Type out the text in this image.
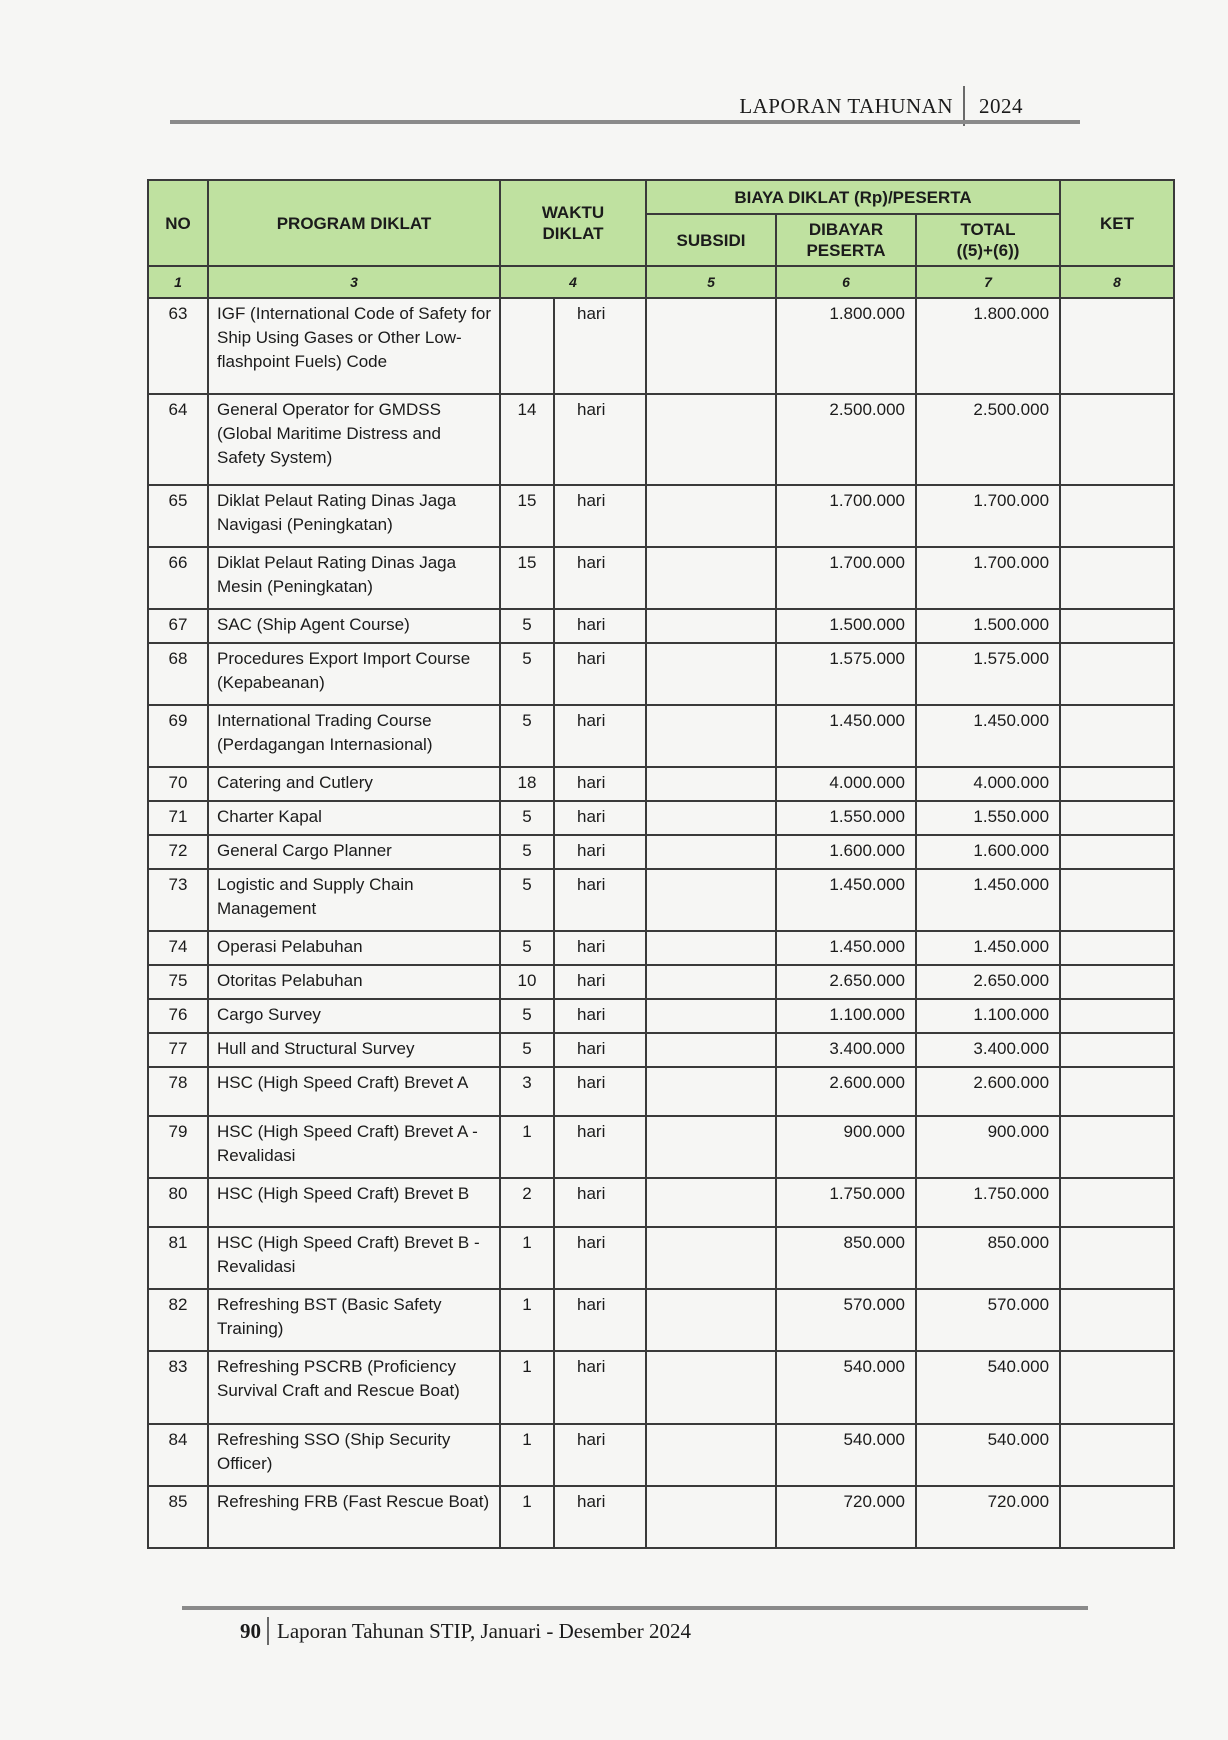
LAPORAN TAHUNAN 2024
NO	PROGRAM DIKLAT	WAKTU DIKLAT		BIAYA DIKLAT (Rp)/PESERTA			KET
				SUBSIDI	DIBAYAR PESERTA	TOTAL ((5)+(6))	
1	3	4		5	6	7	8
63	IGF (International Code of Safety for Ship Using Gases or Other Low-flashpoint Fuels) Code		hari		1.800.000	1.800.000	
64	General Operator for GMDSS (Global Maritime Distress and Safety System)	14	hari		2.500.000	2.500.000	
65	Diklat Pelaut Rating Dinas Jaga Navigasi (Peningkatan)	15	hari		1.700.000	1.700.000	
66	Diklat Pelaut Rating Dinas Jaga Mesin (Peningkatan)	15	hari		1.700.000	1.700.000	
67	SAC (Ship Agent Course)	5	hari		1.500.000	1.500.000	
68	Procedures Export Import Course (Kepabeanan)	5	hari		1.575.000	1.575.000	
69	International Trading Course (Perdagangan Internasional)	5	hari		1.450.000	1.450.000	
70	Catering and Cutlery	18	hari		4.000.000	4.000.000	
71	Charter Kapal	5	hari		1.550.000	1.550.000	
72	General Cargo Planner	5	hari		1.600.000	1.600.000	
73	Logistic and Supply Chain Management	5	hari		1.450.000	1.450.000	
74	Operasi Pelabuhan	5	hari		1.450.000	1.450.000	
75	Otoritas Pelabuhan	10	hari		2.650.000	2.650.000	
76	Cargo Survey	5	hari		1.100.000	1.100.000	
77	Hull and Structural Survey	5	hari		3.400.000	3.400.000	
78	HSC (High Speed Craft) Brevet A	3	hari		2.600.000	2.600.000	
79	HSC (High Speed Craft) Brevet A - Revalidasi	1	hari		900.000	900.000	
80	HSC (High Speed Craft) Brevet B	2	hari		1.750.000	1.750.000	
81	HSC (High Speed Craft) Brevet B - Revalidasi	1	hari		850.000	850.000	
82	Refreshing BST (Basic Safety Training)	1	hari		570.000	570.000	
83	Refreshing PSCRB (Proficiency Survival Craft and Rescue Boat)	1	hari		540.000	540.000	
84	Refreshing SSO (Ship Security Officer)	1	hari		540.000	540.000	
85	Refreshing FRB (Fast Rescue Boat)	1	hari		720.000	720.000	
90 Laporan Tahunan STIP, Januari - Desember 2024
